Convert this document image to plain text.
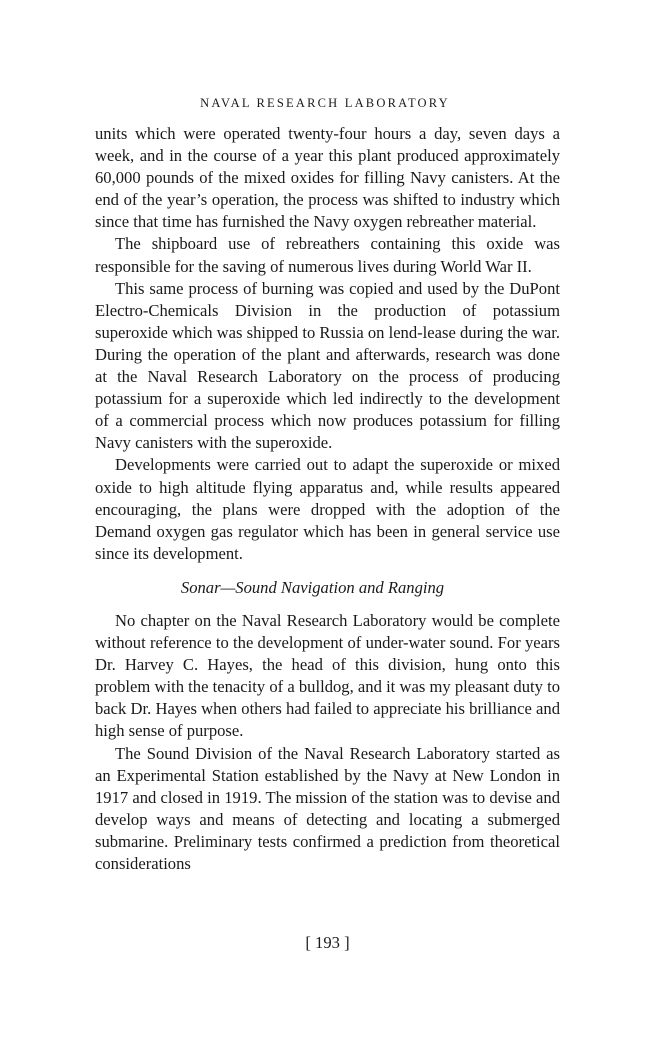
NAVAL RESEARCH LABORATORY

units which were operated twenty-four hours a day, seven days a week, and in the course of a year this plant produced approximately 60,000 pounds of the mixed oxides for filling Navy canisters. At the end of the year’s operation, the process was shifted to industry which since that time has furnished the Navy oxygen rebreather material.

The shipboard use of rebreathers containing this oxide was responsible for the saving of numerous lives during World War II.

This same process of burning was copied and used by the DuPont Electro-Chemicals Division in the production of potassium superoxide which was shipped to Russia on lend-lease during the war. During the operation of the plant and afterwards, research was done at the Naval Research Laboratory on the process of producing potassium for a superoxide which led indirectly to the development of a commercial process which now produces potassium for filling Navy canisters with the superoxide.

Developments were carried out to adapt the superoxide or mixed oxide to high altitude flying apparatus and, while results appeared encouraging, the plans were dropped with the adoption of the Demand oxygen gas regulator which has been in general service use since its development.

Sonar—Sound Navigation and Ranging

No chapter on the Naval Research Laboratory would be complete without reference to the development of under-water sound. For years Dr. Harvey C. Hayes, the head of this division, hung onto this problem with the tenacity of a bulldog, and it was my pleasant duty to back Dr. Hayes when others had failed to appreciate his brilliance and high sense of purpose.

The Sound Division of the Naval Research Laboratory started as an Experimental Station established by the Navy at New London in 1917 and closed in 1919. The mission of the station was to devise and develop ways and means of detecting and locating a submerged submarine. Preliminary tests confirmed a prediction from theoretical considerations

[ 193 ]
